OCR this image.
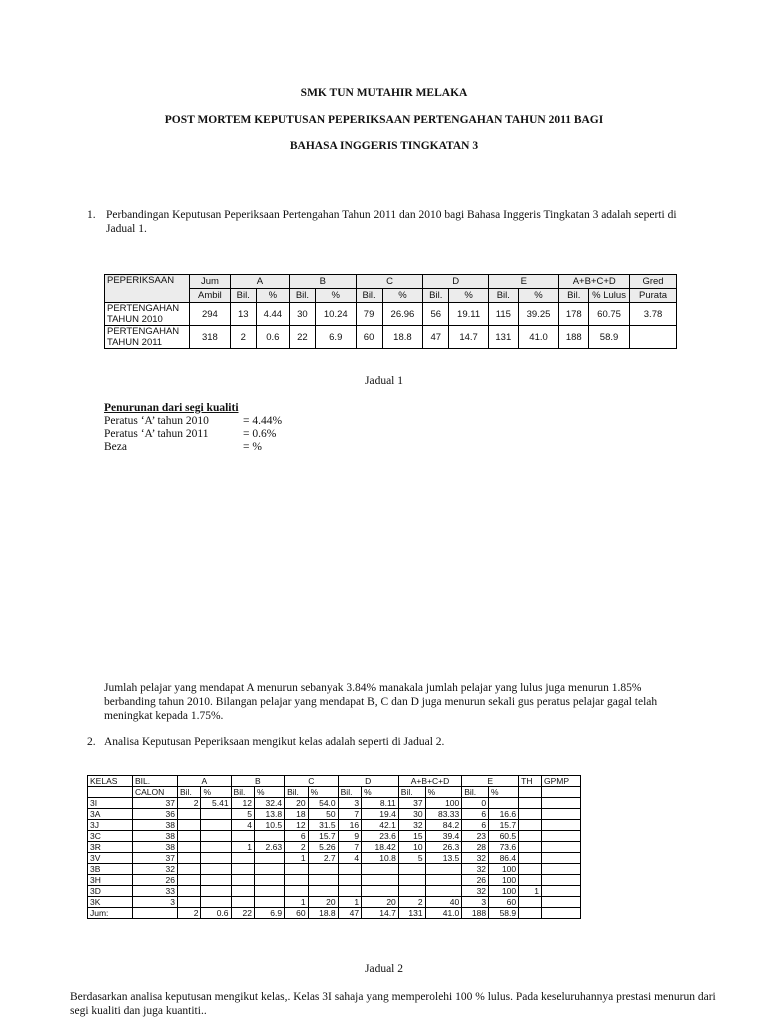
SMK TUN MUTAHIR MELAKA
POST MORTEM KEPUTUSAN PEPERIKSAAN PERTENGAHAN TAHUN 2011 BAGI
BAHASA INGGERIS TINGKATAN 3
1. Perbandingan Keputusan Peperiksaan Pertengahan Tahun 2011 dan 2010 bagi Bahasa Inggeris Tingkatan 3 adalah seperti di
Jadual 1.
PEPERIKSAAN	Jum	A		B		C		D		E		A+B+C+D		Gred
	Ambil	Bil.	%	Bil.	%	Bil.	%	Bil.	%	Bil.	%	Bil.	% Lulus	Purata
PERTENGAHAN TAHUN 2010	294	13	4.44	30	10.24	79	26.96	56	19.11	115	39.25	178	60.75	3.78
PERTENGAHAN TAHUN 2011	318	2	0.6	22	6.9	60	18.8	47	14.7	131	41.0	188	58.9	
Jadual 1
Penurunan dari segi kualiti
Peratus ‘A’ tahun 2010	= 4.44%
Peratus ‘A’ tahun 2011	= 0.6%
Beza	= %
Jumlah pelajar yang mendapat A menurun sebanyak 3.84% manakala jumlah pelajar yang lulus juga menurun 1.85%
berbanding tahun 2010. Bilangan pelajar yang mendapat B, C dan D juga menurun sekali gus peratus pelajar gagal telah
meningkat kepada 1.75%.
2. Analisa Keputusan Peperiksaan mengikut kelas adalah seperti di Jadual 2.
KELAS	BIL.	A		B		C		D		A+B+C+D		E		TH	GPMP
	CALON	Bil.	%	Bil.	%	Bil.	%	Bil.	%	Bil.	%	Bil.	%		
3I	37	2	5.41	12	32.4	20	54.0	3	8.11	37	100	0			
3A	36			5	13.8	18	50	7	19.4	30	83.33	6	16.6		
3J	38			4	10.5	12	31.5	16	42.1	32	84.2	6	15.7		
3C	38					6	15.7	9	23.6	15	39.4	23	60.5		
3R	38			1	2.63	2	5.26	7	18.42	10	26.3	28	73.6		
3V	37					1	2.7	4	10.8	5	13.5	32	86.4		
3B	32											32	100		
3H	26											26	100		
3D	33											32	100	1	
3K	3					1	20	1	20	2	40	3	60		
Jum:		2	0.6	22	6.9	60	18.8	47	14.7	131	41.0	188	58.9		
Jadual 2
Berdasarkan analisa keputusan mengikut kelas,. Kelas 3I sahaja yang memperolehi 100 % lulus. Pada keseluruhannya prestasi menurun dari
segi kualiti dan juga kuantiti..
